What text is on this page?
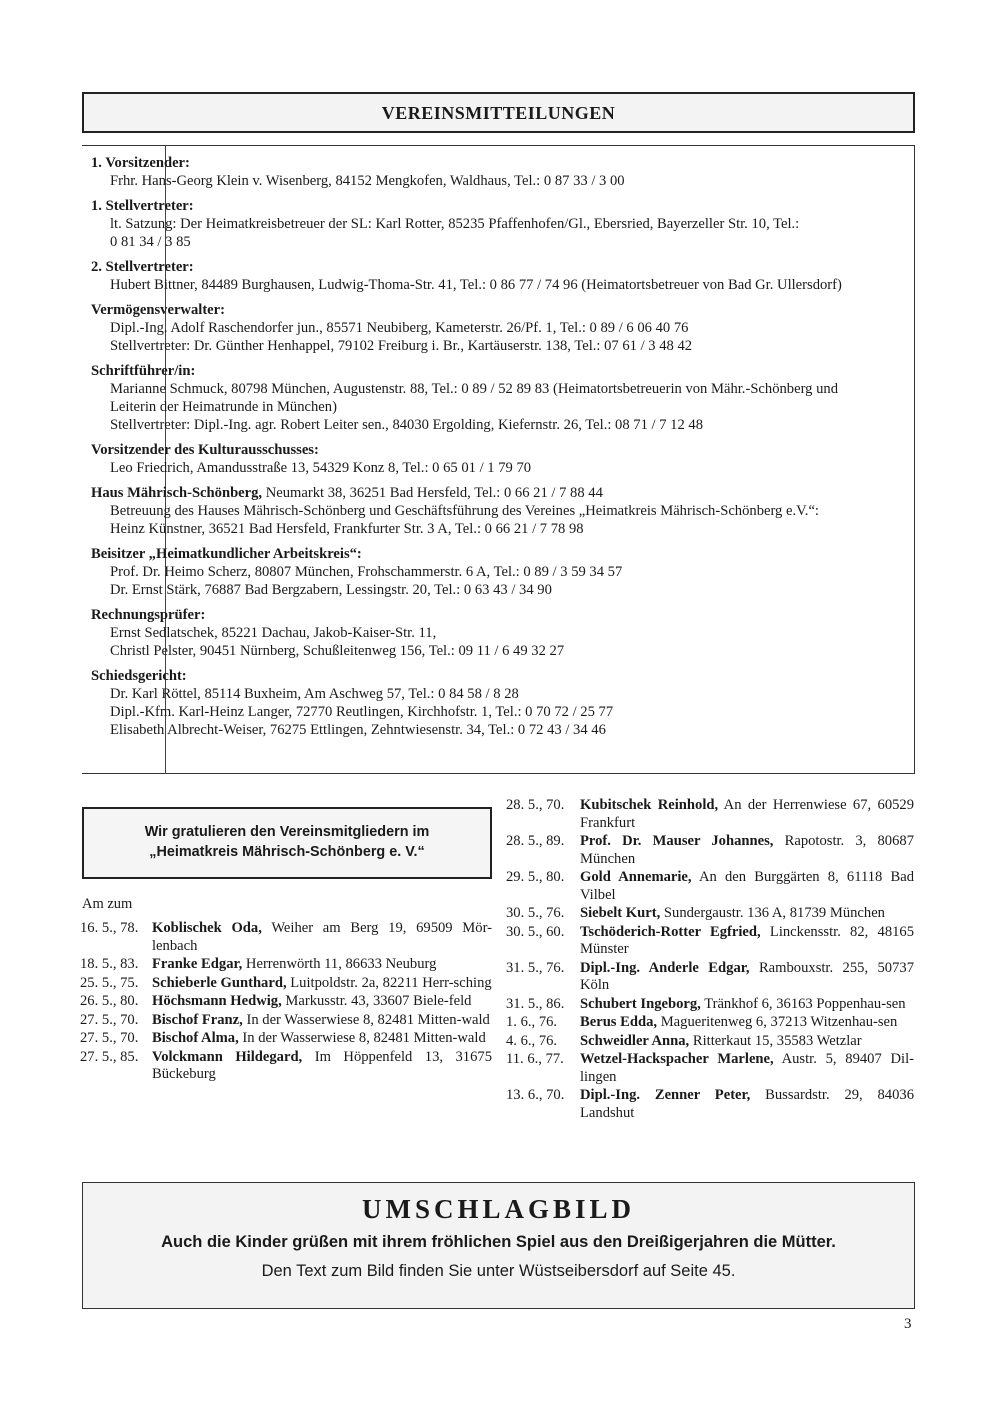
VEREINSMITTEILUNGEN
1. Vorsitzender:
Frhr. Hans-Georg Klein v. Wisenberg, 84152 Mengkofen, Waldhaus, Tel.: 0 87 33 / 3 00
1. Stellvertreter:
lt. Satzung: Der Heimatkreisbetreuer der SL: Karl Rotter, 85235 Pfaffenhofen/Gl., Ebersried, Bayerzeller Str. 10, Tel.:
0 81 34 / 3 85
2. Stellvertreter:
Hubert Bittner, 84489 Burghausen, Ludwig-Thoma-Str. 41, Tel.: 0 86 77 / 74 96 (Heimatortsbetreuer von Bad Gr. Ullersdorf)
Vermögensverwalter:
Dipl.-Ing. Adolf Raschendorfer jun., 85571 Neubiberg, Kameterstr. 26/Pf. 1, Tel.: 0 89 / 6 06 40 76
Stellvertreter: Dr. Günther Henhappel, 79102 Freiburg i. Br., Kartäuserstr. 138, Tel.: 07 61 / 3 48 42
Schriftführer/in:
Marianne Schmuck, 80798 München, Augustenstr. 88, Tel.: 0 89 / 52 89 83 (Heimatortsbetreuerin von Mähr.-Schönberg und
Leiterin der Heimatrunde in München)
Stellvertreter: Dipl.-Ing. agr. Robert Leiter sen., 84030 Ergolding, Kiefernstr. 26, Tel.: 08 71 / 7 12 48
Vorsitzender des Kulturausschusses:
Leo Friedrich, Amandusstraße 13, 54329 Konz 8, Tel.: 0 65 01 / 1 79 70
Haus Mährisch-Schönberg, Neumarkt 38, 36251 Bad Hersfeld, Tel.: 0 66 21 / 7 88 44
Betreuung des Hauses Mährisch-Schönberg und Geschäftsführung des Vereines „Heimatkreis Mährisch-Schönberg e.V.“:
Heinz Künstner, 36521 Bad Hersfeld, Frankfurter Str. 3 A, Tel.: 0 66 21 / 7 78 98
Beisitzer „Heimatkundlicher Arbeitskreis“:
Prof. Dr. Heimo Scherz, 80807 München, Frohschammerstr. 6 A, Tel.: 0 89 / 3 59 34 57
Dr. Ernst Stärk, 76887 Bad Bergzabern, Lessingstr. 20, Tel.: 0 63 43 / 34 90
Rechnungsprüfer:
Ernst Sedlatschek, 85221 Dachau, Jakob-Kaiser-Str. 11,
Christl Pelster, 90451 Nürnberg, Schußleitenweg 156, Tel.: 09 11 / 6 49 32 27
Schiedsgericht:
Dr. Karl Röttel, 85114 Buxheim, Am Aschweg 57, Tel.: 0 84 58 / 8 28
Dipl.-Kfm. Karl-Heinz Langer, 72770 Reutlingen, Kirchhofstr. 1, Tel.: 0 70 72 / 25 77
Elisabeth Albrecht-Weiser, 76275 Ettlingen, Zehntwiesenstr. 34, Tel.: 0 72 43 / 34 46
Wir gratulieren den Vereinsmitgliedern im
„Heimatkreis Mährisch-Schönberg e. V.“
Am zum
16. 5., 78. Koblischek Oda, Weiher am Berg 19, 69509 Mör-lenbach
18. 5., 83. Franke Edgar, Herrenwörth 11, 86633 Neuburg
25. 5., 75. Schieberle Gunthard, Luitpoldstr. 2a, 82211 Herr-sching
26. 5., 80. Höchsmann Hedwig, Markusstr. 43, 33607 Biele-feld
27. 5., 70. Bischof Franz, In der Wasserwiese 8, 82481 Mitten-wald
27. 5., 70. Bischof Alma, In der Wasserwiese 8, 82481 Mitten-wald
27. 5., 85. Volckmann Hildegard, Im Höppenfeld 13, 31675 Bückeburg
28. 5., 70.	Kubitschek Reinhold, An der Herrenwiese 67, 60529 Frankfurt
28. 5., 89.	Prof. Dr. Mauser Johannes, Rapotostr. 3, 80687 München
29. 5., 80.	Gold Annemarie, An den Burggärten 8, 61118 Bad Vilbel
30. 5., 76.	Siebelt Kurt, Sundergaustr. 136 A, 81739 München
30. 5., 60.	Tschöderich-Rotter Egfried, Linckensstr. 82, 48165 Münster
31. 5., 76.	Dipl.-Ing. Anderle Edgar, Rambouxstr. 255, 50737 Köln
31. 5., 86.	Schubert Ingeborg, Tränkhof 6, 36163 Poppenhau-sen
1. 6., 76.	Berus Edda, Magueritenweg 6, 37213 Witzenhau-sen
4. 6., 76.	Schweidler Anna, Ritterkaut 15, 35583 Wetzlar
11. 6., 77.	Wetzel-Hackspacher Marlene, Austr. 5, 89407 Dil-lingen
13. 6., 70.	Dipl.-Ing. Zenner Peter, Bussardstr. 29, 84036 Landshut
UMSCHLAGBILD
Auch die Kinder grüßen mit ihrem fröhlichen Spiel aus den Dreißigerjahren die Mütter.
Den Text zum Bild finden Sie unter Wüstseibersdorf auf Seite 45.
3
